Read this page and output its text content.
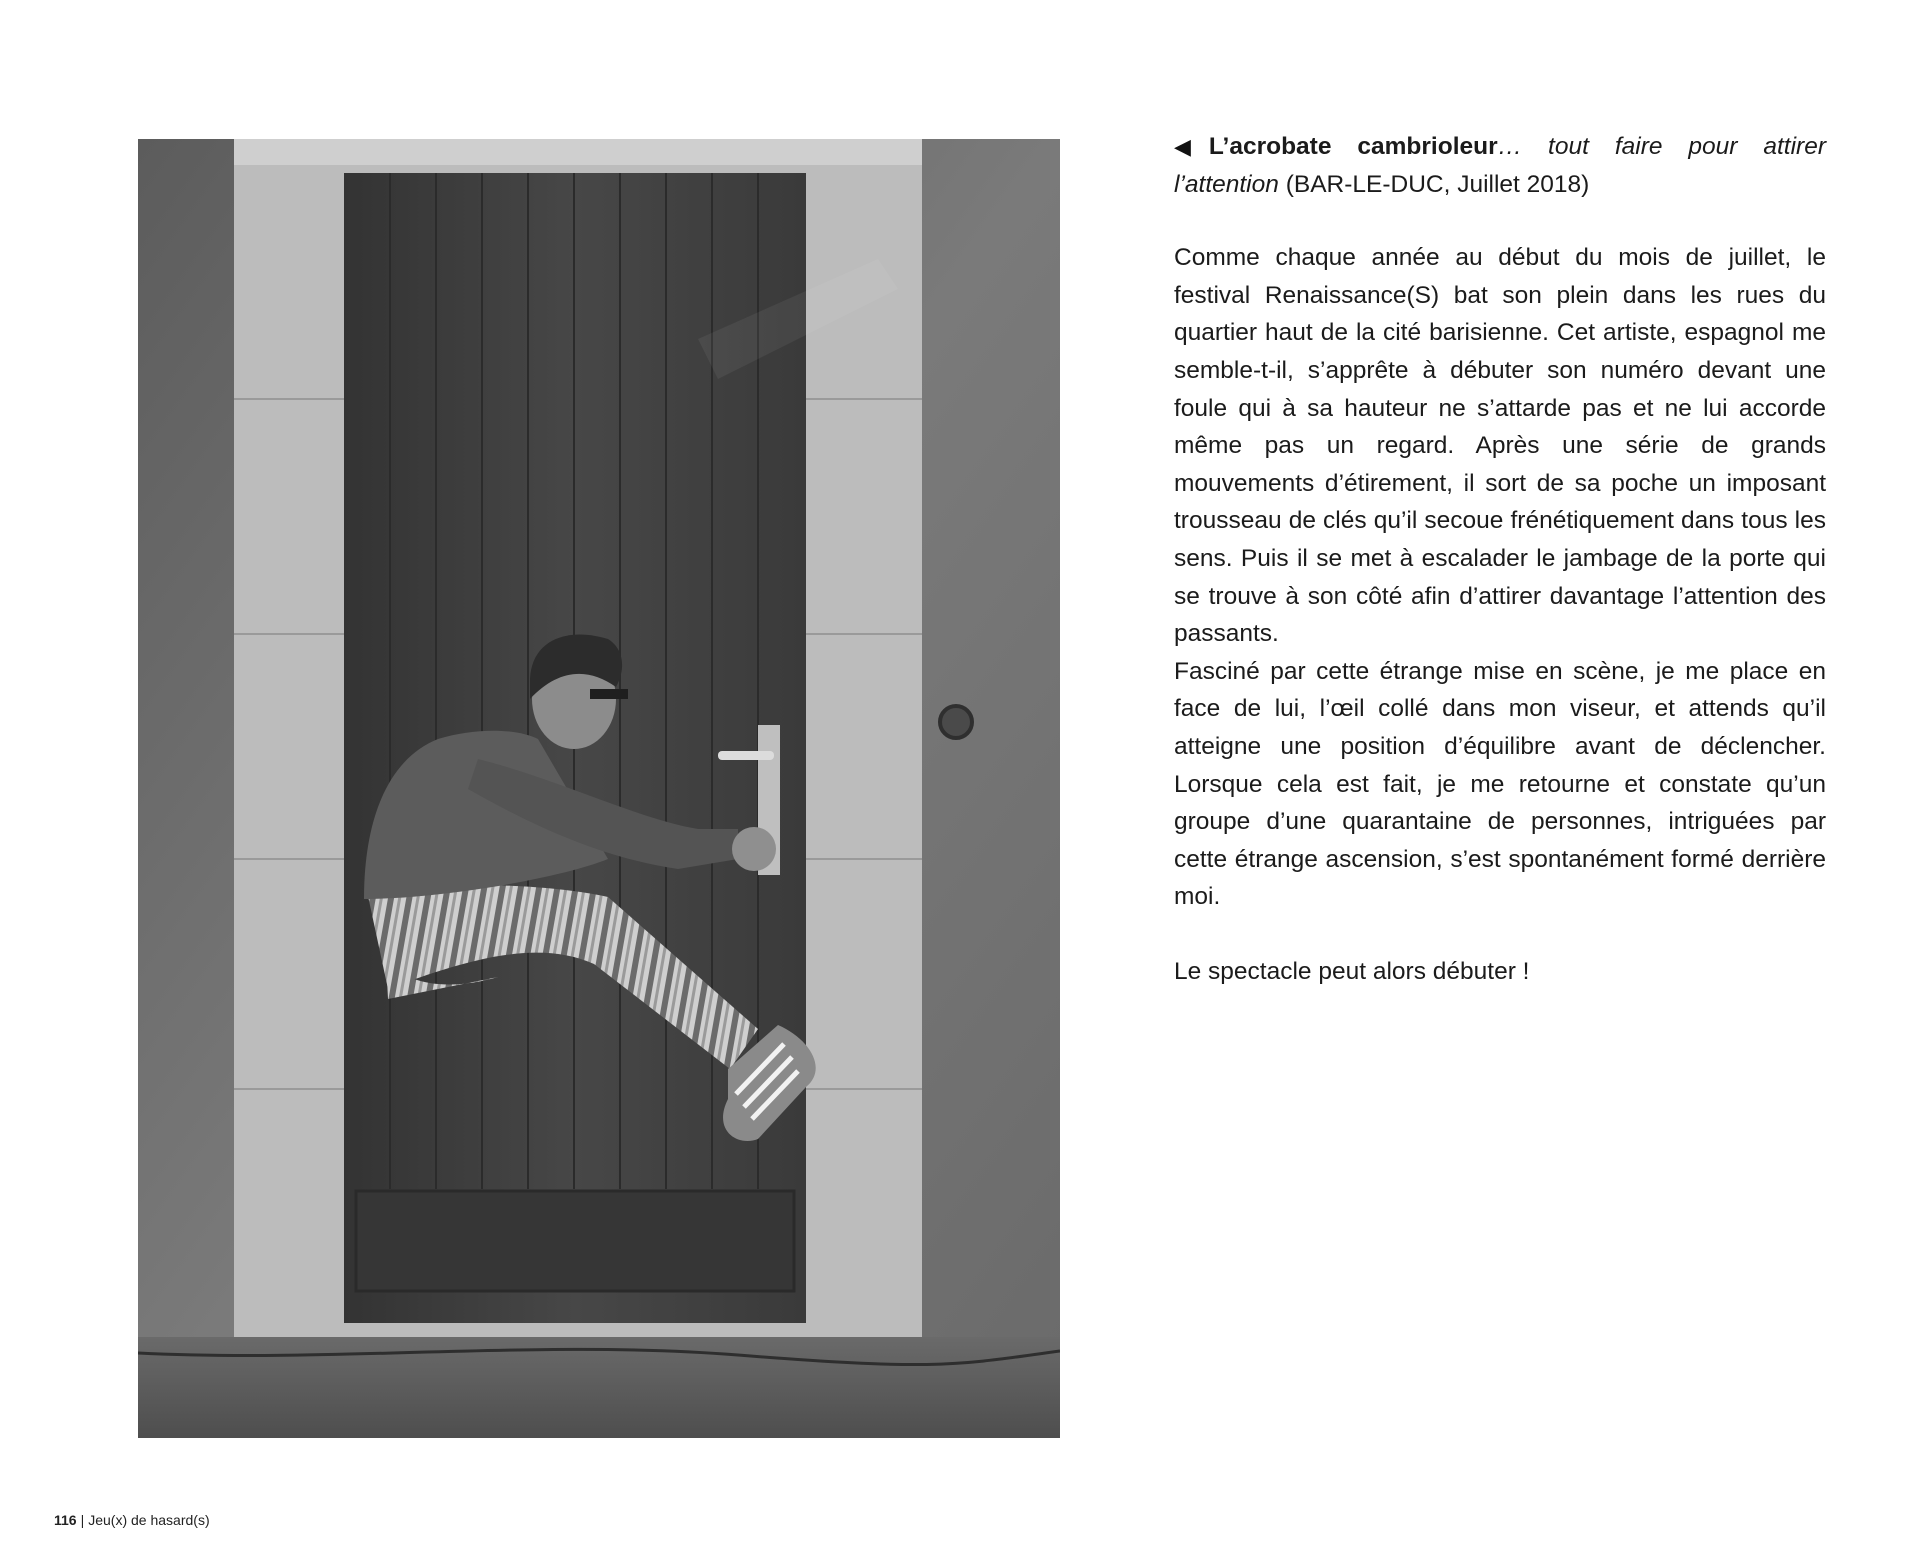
◀ L’acrobate cambrioleur… tout faire pour attirer l’attention (BAR-LE-DUC, Juillet 2018)

Comme chaque année au début du mois de juillet, le festival Renaissance(S) bat son plein dans les rues du quartier haut de la cité barisienne. Cet artiste, espagnol me semble-t-il, s’apprête à débuter son numéro devant une foule qui à sa hauteur ne s’attarde pas et ne lui accorde même pas un regard. Après une série de grands mouvements d’étirement, il sort de sa poche un imposant trousseau de clés qu’il secoue frénétiquement dans tous les sens. Puis il se met à escalader le jambage de la porte qui se trouve à son côté afin d’attirer davantage l’attention des passants.

Fasciné par cette étrange mise en scène, je me place en face de lui, l’œil collé dans mon viseur, et attends qu’il atteigne une position d’équilibre avant de déclencher. Lorsque cela est fait, je me retourne et constate qu’un groupe d’une quarantaine de personnes, intriguées par cette étrange ascension, s’est spontanément formé derrière moi.

Le spectacle peut alors débuter !

116 | Jeu(x) de hasard(s)
